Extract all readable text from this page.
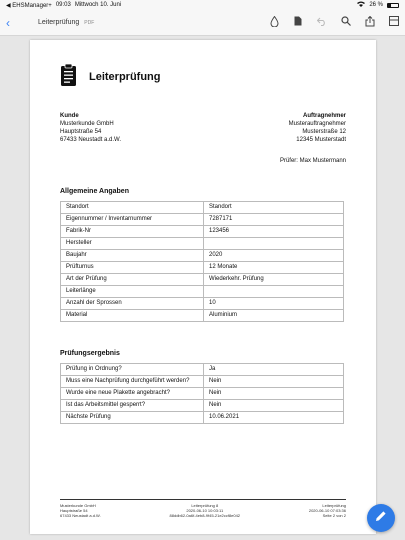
◀ EHSManager+ 09:03 Mittwoch 10. Juni	26 %
‹	Leiterprüfung PDF
Leiterprüfung
Kunde
Musterkunde GmbH
Hauptstraße 54
67433 Neustadt a.d.W.
Auftragnehmer
Musterauftragnehmer
Musterstraße 12
12345 Musterstadt
Prüfer: Max Mustermann
Allgemeine Angaben
Standort	Standort
Eigennummer / Inventarnummer	7287171
Fabrik-Nr	123456
Hersteller	
Baujahr	2020
Prüfturnus	12 Monate
Art der Prüfung	Wiederkehr. Prüfung
Leiterlänge	
Anzahl der Sprossen	10
Material	Aluminium
Prüfungsergebnis
Prüfung in Ordnung?	Ja
Muss eine Nachprüfung durchgeführt werden?	Nein
Wurde eine neue Plakette angebracht?	Nein
Ist das Arbeitsmittel gesperrt?	Nein
Nächste Prüfung	10.06.2021
Musterkunde GmbH
Hauptstraße 54
67433 Neustadt a.d.W.
Leiterprüfung 8
2020-06-10 10:03:11
88ddb62-0a6f-4eb8-9f45-21e2ccf8e042
Leiterprüfung
2020-06-10 07:03:36
Seite 2 von 2
